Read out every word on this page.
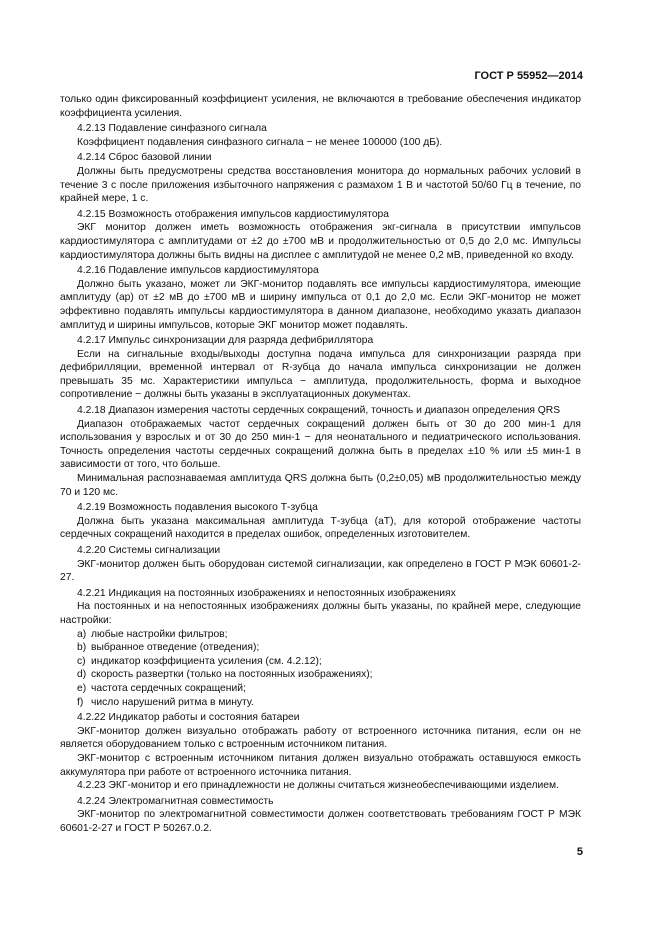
ГОСТ Р 55952—2014

только один фиксированный коэффициент усиления, не включаются в требование обеспечения индикатор коэффициента усиления.

4.2.13 Подавление синфазного сигнала

Коэффициент подавления синфазного сигнала − не менее 100000 (100 дБ).

4.2.14 Сброс базовой линии

Должны быть предусмотрены средства восстановления монитора до нормальных рабочих условий в течение 3 с после приложения избыточного напряжения с размахом 1 В и частотой 50/60 Гц в течение, по крайней мере, 1 с.

4.2.15 Возможность отображения импульсов кардиостимулятора

ЭКГ монитор должен иметь возможность отображения экг-сигнала в присутствии импульсов кардиостимулятора с амплитудами от ±2 до ±700 мВ и продолжительностью от 0,5 до 2,0 мс. Импульсы кардиостимулятора должны быть видны на дисплее с амплитудой не менее 0,2 мВ, приведенной ко входу.

4.2.16 Подавление импульсов кардиостимулятора

Должно быть указано, может ли ЭКГ-монитор подавлять все импульсы кардиостимулятора, имеющие амплитуду (ар) от ±2 мВ до ±700 мВ и ширину импульса от 0,1 до 2,0 мс. Если ЭКГ-монитор не может эффективно подавлять импульсы кардиостимулятора в данном диапазоне, необходимо указать диапазон амплитуд и ширины импульсов, которые ЭКГ монитор может подавлять.

4.2.17 Импульс синхронизации для разряда дефибриллятора

Если на сигнальные входы/выходы доступна подача импульса для синхронизации разряда при дефибрилляции, временной интервал от R-зубца до начала импульса синхронизации не должен превышать 35 мс. Характеристики импульса − амплитуда, продолжительность, форма и выходное сопротивление − должны быть указаны в эксплуатационных документах.

4.2.18 Диапазон измерения частоты сердечных сокращений, точность и диапазон определения QRS

Диапазон отображаемых частот сердечных сокращений должен быть от 30 до 200 мин-1 для использования у взрослых и от 30 до 250 мин-1 − для неонатального и педиатрического использования. Точность определения частоты сердечных сокращений должна быть в пределах ±10 % или ±5 мин-1 в зависимости от того, что больше.

Минимальная распознаваемая амплитуда QRS должна быть (0,2±0,05) мВ продолжительностью между 70 и 120 мс.

4.2.19 Возможность подавления высокого Т-зубца

Должна быть указана максимальная амплитуда Т-зубца (аТ), для которой отображение частоты сердечных сокращений находится в пределах ошибок, определенных изготовителем.

4.2.20 Системы сигнализации

ЭКГ-монитор должен быть оборудован системой сигнализации, как определено в ГОСТ Р МЭК 60601-2-27.

4.2.21 Индикация на постоянных изображениях и непостоянных изображениях

На постоянных и на непостоянных изображениях должны быть указаны, по крайней мере, следующие настройки:

a) любые настройки фильтров;
b) выбранное отведение (отведения);
c) индикатор коэффициента усиления (см. 4.2.12);
d) скорость развертки (только на постоянных изображениях);
e) частота сердечных сокращений;
f) число нарушений ритма в минуту.

4.2.22 Индикатор работы и состояния батареи

ЭКГ-монитор должен визуально отображать работу от встроенного источника питания, если он не является оборудованием только с встроенным источником питания.

ЭКГ-монитор с встроенным источником питания должен визуально отображать оставшуюся емкость аккумулятора при работе от встроенного источника питания.

4.2.23 ЭКГ-монитор и его принадлежности не должны считаться жизнеобеспечивающими изделием.

4.2.24 Электромагнитная совместимость

ЭКГ-монитор по электромагнитной совместимости должен соответствовать требованиям ГОСТ Р МЭК 60601-2-27 и ГОСТ Р 50267.0.2.

5
